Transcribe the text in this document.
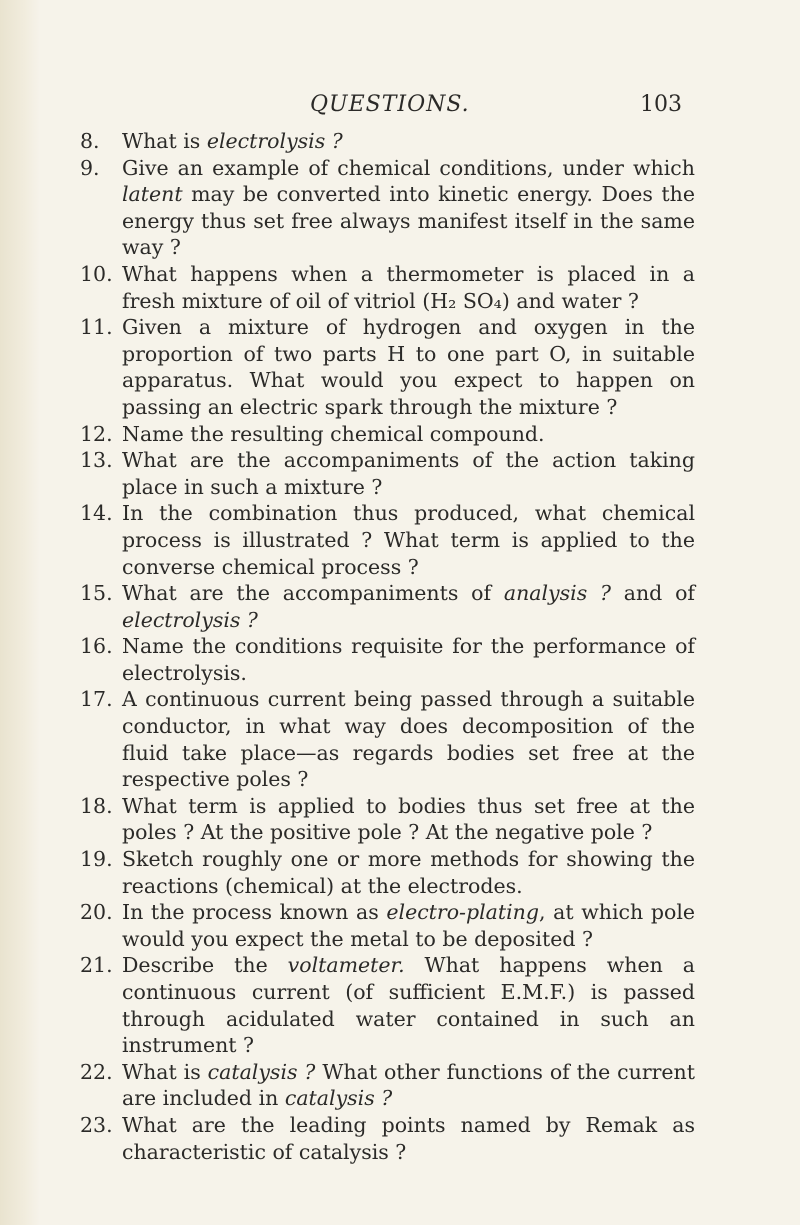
QUESTIONS.	103
8.	What is electrolysis ?
9.	Give an example of chemical conditions, under which latent may be converted into kinetic energy. Does the energy thus set free always manifest itself in the same way ?
10. What happens when a thermometer is placed in a fresh mixture of oil of vitriol (H₂ SO₄) and water ?
11. Given a mixture of hydrogen and oxygen in the proportion of two parts H to one part O, in suitable apparatus. What would you expect to happen on passing an electric spark through the mixture ?
12. Name the resulting chemical compound.
13. What are the accompaniments of the action taking place in such a mixture ?
14. In the combination thus produced, what chemical process is illustrated ? What term is applied to the converse chemical process ?
15. What are the accompaniments of analysis ? and of electrolysis ?
16. Name the conditions requisite for the performance of electrolysis.
17. A continuous current being passed through a suitable conductor, in what way does decomposition of the fluid take place—as regards bodies set free at the respective poles ?
18. What term is applied to bodies thus set free at the poles ? At the positive pole ? At the negative pole ?
19. Sketch roughly one or more methods for showing the reactions (chemical) at the electrodes.
20. In the process known as electro-plating, at which pole would you expect the metal to be deposited ?
21. Describe the voltameter. What happens when a continuous current (of sufficient E.M.F.) is passed through acidulated water contained in such an instrument ?
22. What is catalysis ? What other functions of the current are included in catalysis ?
23. What are the leading points named by Remak as characteristic of catalysis ?
